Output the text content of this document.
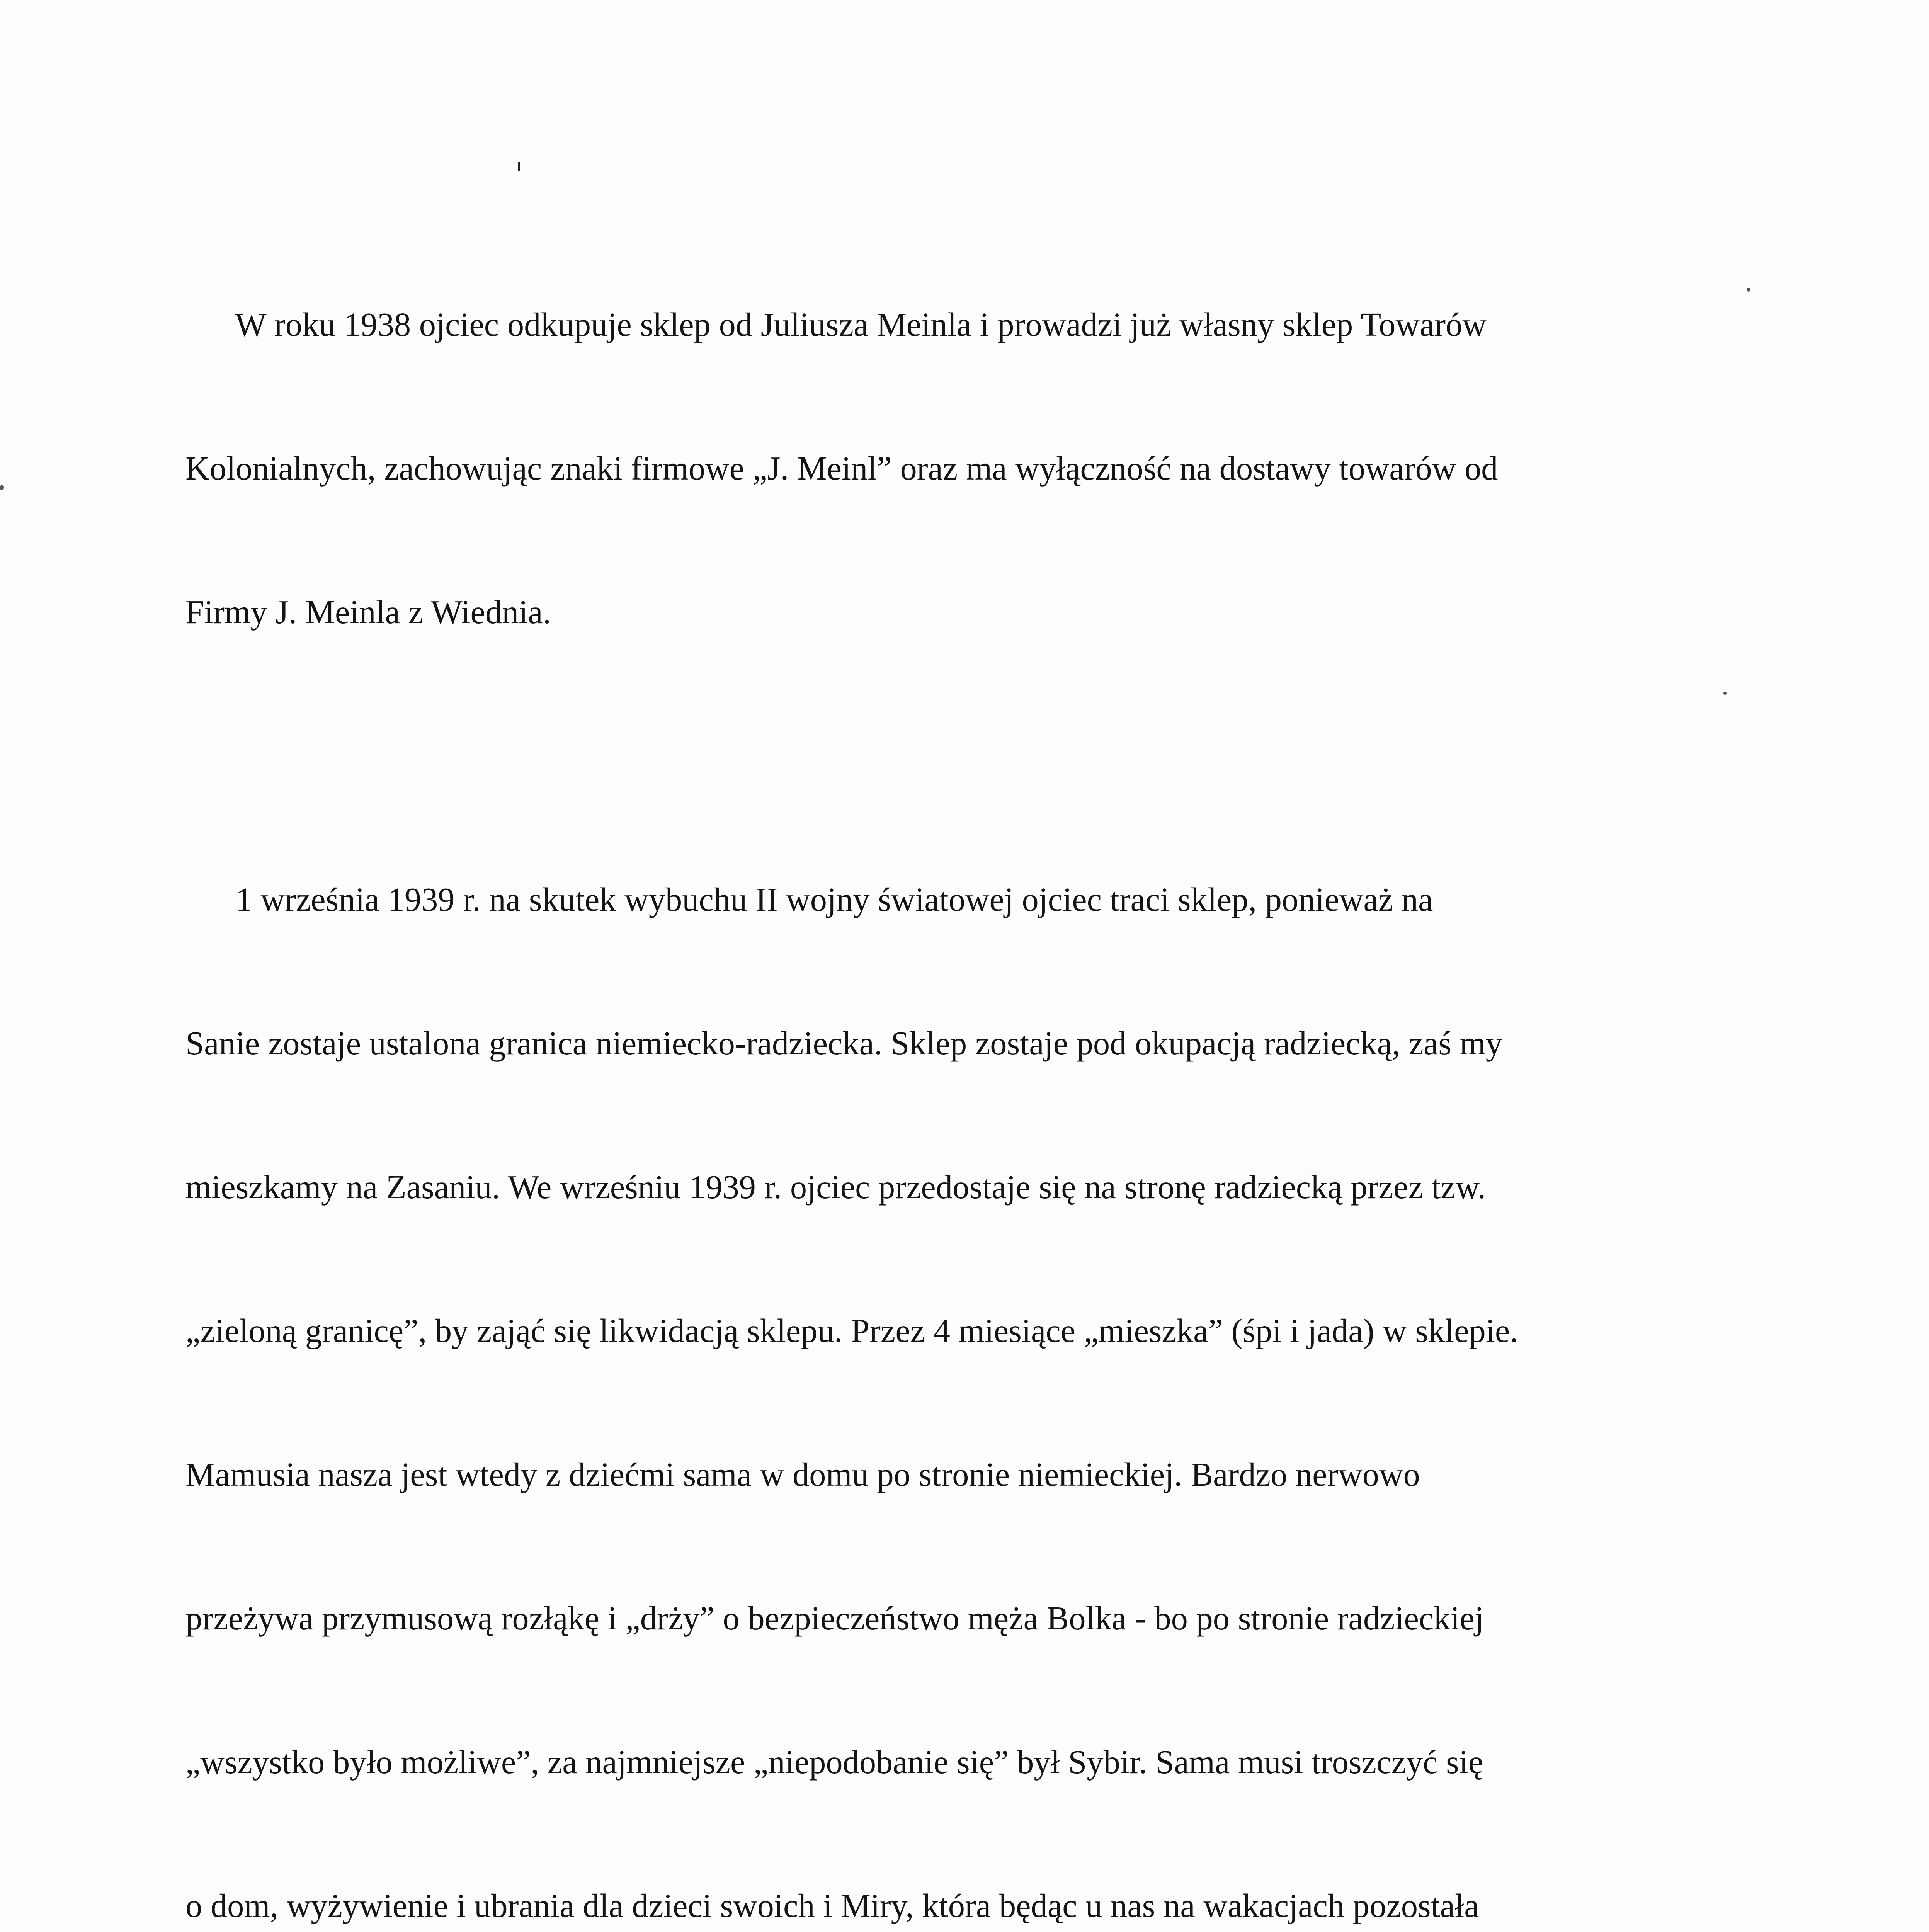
W roku 1938 ojciec odkupuje sklep od Juliusza Meinla i prowadzi już własny sklep Towarów

Kolonialnych, zachowując znaki firmowe „J. Meinl” oraz ma wyłączność na dostawy towarów od

Firmy J. Meinla z Wiednia.

1 września 1939 r. na skutek wybuchu II wojny światowej ojciec traci sklep, ponieważ na

Sanie zostaje ustalona granica niemiecko-radziecka. Sklep zostaje pod okupacją radziecką, zaś my

mieszkamy na Zasaniu. We wrześniu 1939 r. ojciec przedostaje się na stronę radziecką przez tzw.

„zieloną granicę”, by zająć się likwidacją sklepu. Przez 4 miesiące „mieszka” (śpi i jada) w sklepie.

Mamusia nasza jest wtedy z dziećmi sama w domu po stronie niemieckiej. Bardzo nerwowo

przeżywa przymusową rozłąkę i „drży” o bezpieczeństwo męża Bolka - bo po stronie radzieckiej

„wszystko było możliwe”, za najmniejsze „niepodobanie się” był Sybir. Sama musi troszczyć się

o dom, wyżywienie i ubrania dla dzieci swoich i Miry, która będąc u nas na wakacjach pozostała
